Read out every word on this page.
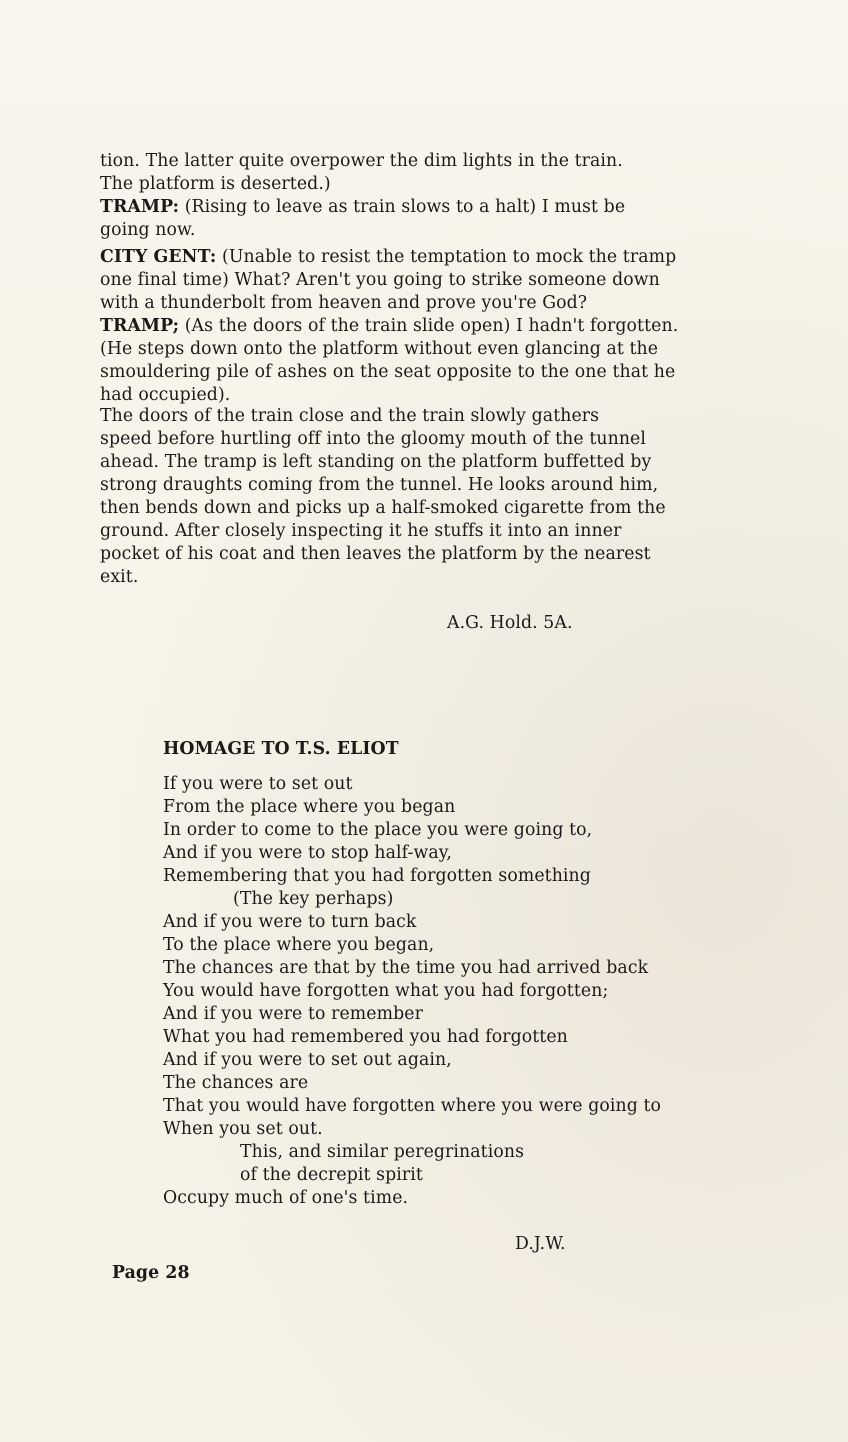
tion. The latter quite overpower the dim lights in the train.
The platform is deserted.)
TRAMP: (Rising to leave as train slows to a halt) I must be
going now.
CITY GENT: (Unable to resist the temptation to mock the tramp
one final time) What? Aren't you going to strike someone down
with a thunderbolt from heaven and prove you're God?
TRAMP; (As the doors of the train slide open) I hadn't forgotten.
(He steps down onto the platform without even glancing at the
smouldering pile of ashes on the seat opposite to the one that he
had occupied).
The doors of the train close and the train slowly gathers
speed before hurtling off into the gloomy mouth of the tunnel
ahead. The tramp is left standing on the platform buffetted by
strong draughts coming from the tunnel. He looks around him,
then bends down and picks up a half-smoked cigarette from the
ground. After closely inspecting it he stuffs it into an inner
pocket of his coat and then leaves the platform by the nearest
exit.
A.G. Hold. 5A.
HOMAGE TO T.S. ELIOT
If you were to set out
From the place where you began
In order to come to the place you were going to,
And if you were to stop half-way,
Remembering that you had forgotten something
(The key perhaps)
And if you were to turn back
To the place where you began,
The chances are that by the time you had arrived back
You would have forgotten what you had forgotten;
And if you were to remember
What you had remembered you had forgotten
And if you were to set out again,
The chances are
That you would have forgotten where you were going to
When you set out.
This, and similar peregrinations
of the decrepit spirit
Occupy much of one's time.
D.J.W.
Page 28
